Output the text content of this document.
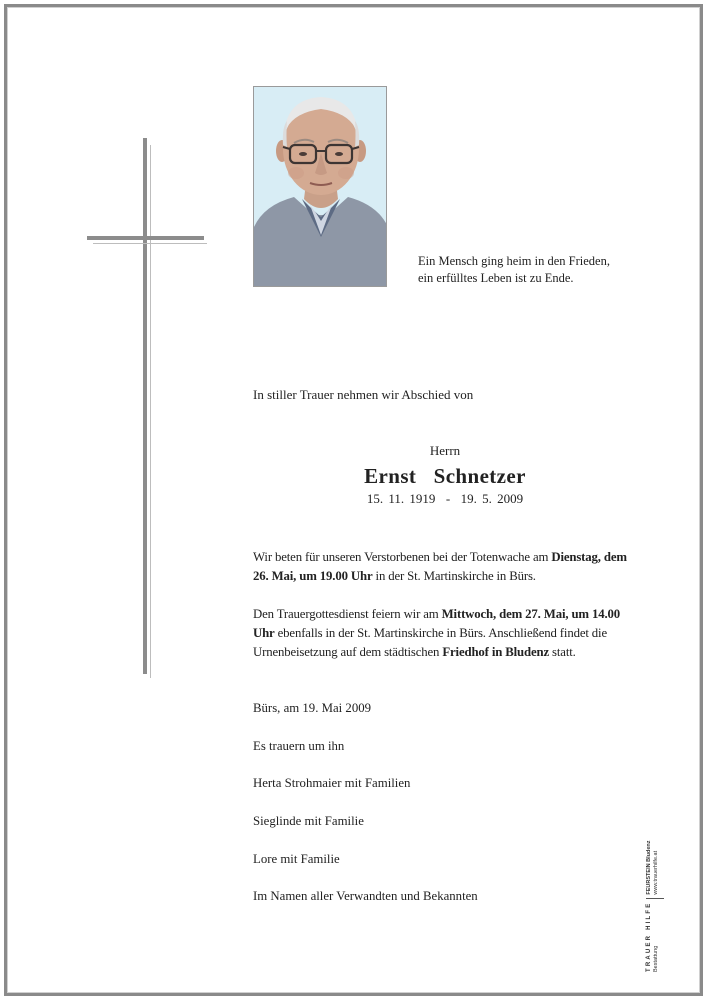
Ein Mensch ging heim in den Frieden,
ein erfülltes Leben ist zu Ende.
In stiller Trauer nehmen wir Abschied von
Herrn
Ernst  Schnetzer
15. 11. 1919  -  19. 5. 2009
Wir beten für unseren Verstorbenen bei der Totenwache am Dienstag, dem 26. Mai, um 19.00 Uhr in der St. Martinskirche in Bürs.
Den Trauergottesdienst feiern wir am Mittwoch, dem 27. Mai, um 14.00 Uhr ebenfalls in der St. Martinskirche in Bürs. Anschließend findet die Urnenbeisetzung auf dem städtischen Friedhof in Bludenz statt.
Bürs, am 19. Mai 2009
Es trauern um ihn
Herta Strohmaier mit Familien
Sieglinde mit Familie
Lore mit Familie
Im Namen aller Verwandten und Bekannten
TRAUER HILFE Bestattung
FEURSTEIN Bludenz www.trauerhilfe.at
